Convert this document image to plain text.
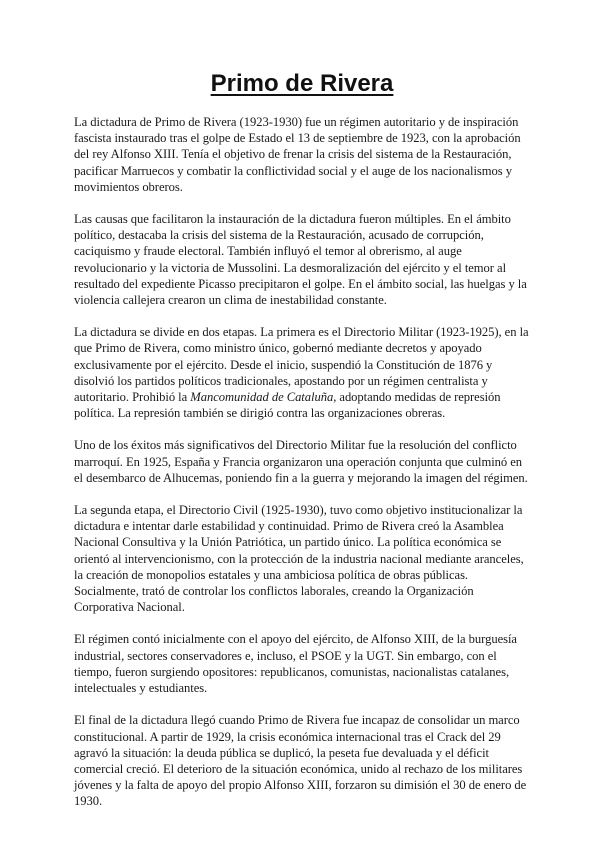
Primo de Rivera

La dictadura de Primo de Rivera (1923-1930) fue un régimen autoritario y de inspiración fascista instaurado tras el golpe de Estado el 13 de septiembre de 1923, con la aprobación del rey Alfonso XIII. Tenía el objetivo de frenar la crisis del sistema de la Restauración, pacificar Marruecos y combatir la conflictividad social y el auge de los nacionalismos y movimientos obreros.

Las causas que facilitaron la instauración de la dictadura fueron múltiples. En el ámbito político, destacaba la crisis del sistema de la Restauración, acusado de corrupción, caciquismo y fraude electoral. También influyó el temor al obrerismo, al auge revolucionario y la victoria de Mussolini. La desmoralización del ejército y el temor al resultado del expediente Picasso precipitaron el golpe. En el ámbito social, las huelgas y la violencia callejera crearon un clima de inestabilidad constante.

La dictadura se divide en dos etapas. La primera es el Directorio Militar (1923-1925), en la que Primo de Rivera, como ministro único, gobernó mediante decretos y apoyado exclusivamente por el ejército. Desde el inicio, suspendió la Constitución de 1876 y disolvió los partidos políticos tradicionales, apostando por un régimen centralista y autoritario. Prohibió la Mancomunidad de Cataluña, adoptando medidas de represión política. La represión también se dirigió contra las organizaciones obreras.

Uno de los éxitos más significativos del Directorio Militar fue la resolución del conflicto marroquí. En 1925, España y Francia organizaron una operación conjunta que culminó en el desembarco de Alhucemas, poniendo fin a la guerra y mejorando la imagen del régimen.

La segunda etapa, el Directorio Civil (1925-1930), tuvo como objetivo institucionalizar la dictadura e intentar darle estabilidad y continuidad. Primo de Rivera creó la Asamblea Nacional Consultiva y la Unión Patriótica, un partido único. La política económica se orientó al intervencionismo, con la protección de la industria nacional mediante aranceles, la creación de monopolios estatales y una ambiciosa política de obras públicas. Socialmente, trató de controlar los conflictos laborales, creando la Organización Corporativa Nacional.

El régimen contó inicialmente con el apoyo del ejército, de Alfonso XIII, de la burguesía industrial, sectores conservadores e, incluso, el PSOE y la UGT. Sin embargo, con el tiempo, fueron surgiendo opositores: republicanos, comunistas, nacionalistas catalanes, intelectuales y estudiantes.

El final de la dictadura llegó cuando Primo de Rivera fue incapaz de consolidar un marco constitucional. A partir de 1929, la crisis económica internacional tras el Crack del 29 agravó la situación: la deuda pública se duplicó, la peseta fue devaluada y el déficit comercial creció. El deterioro de la situación económica, unido al rechazo de los militares jóvenes y la falta de apoyo del propio Alfonso XIII, forzaron su dimisión el 30 de enero de 1930.
